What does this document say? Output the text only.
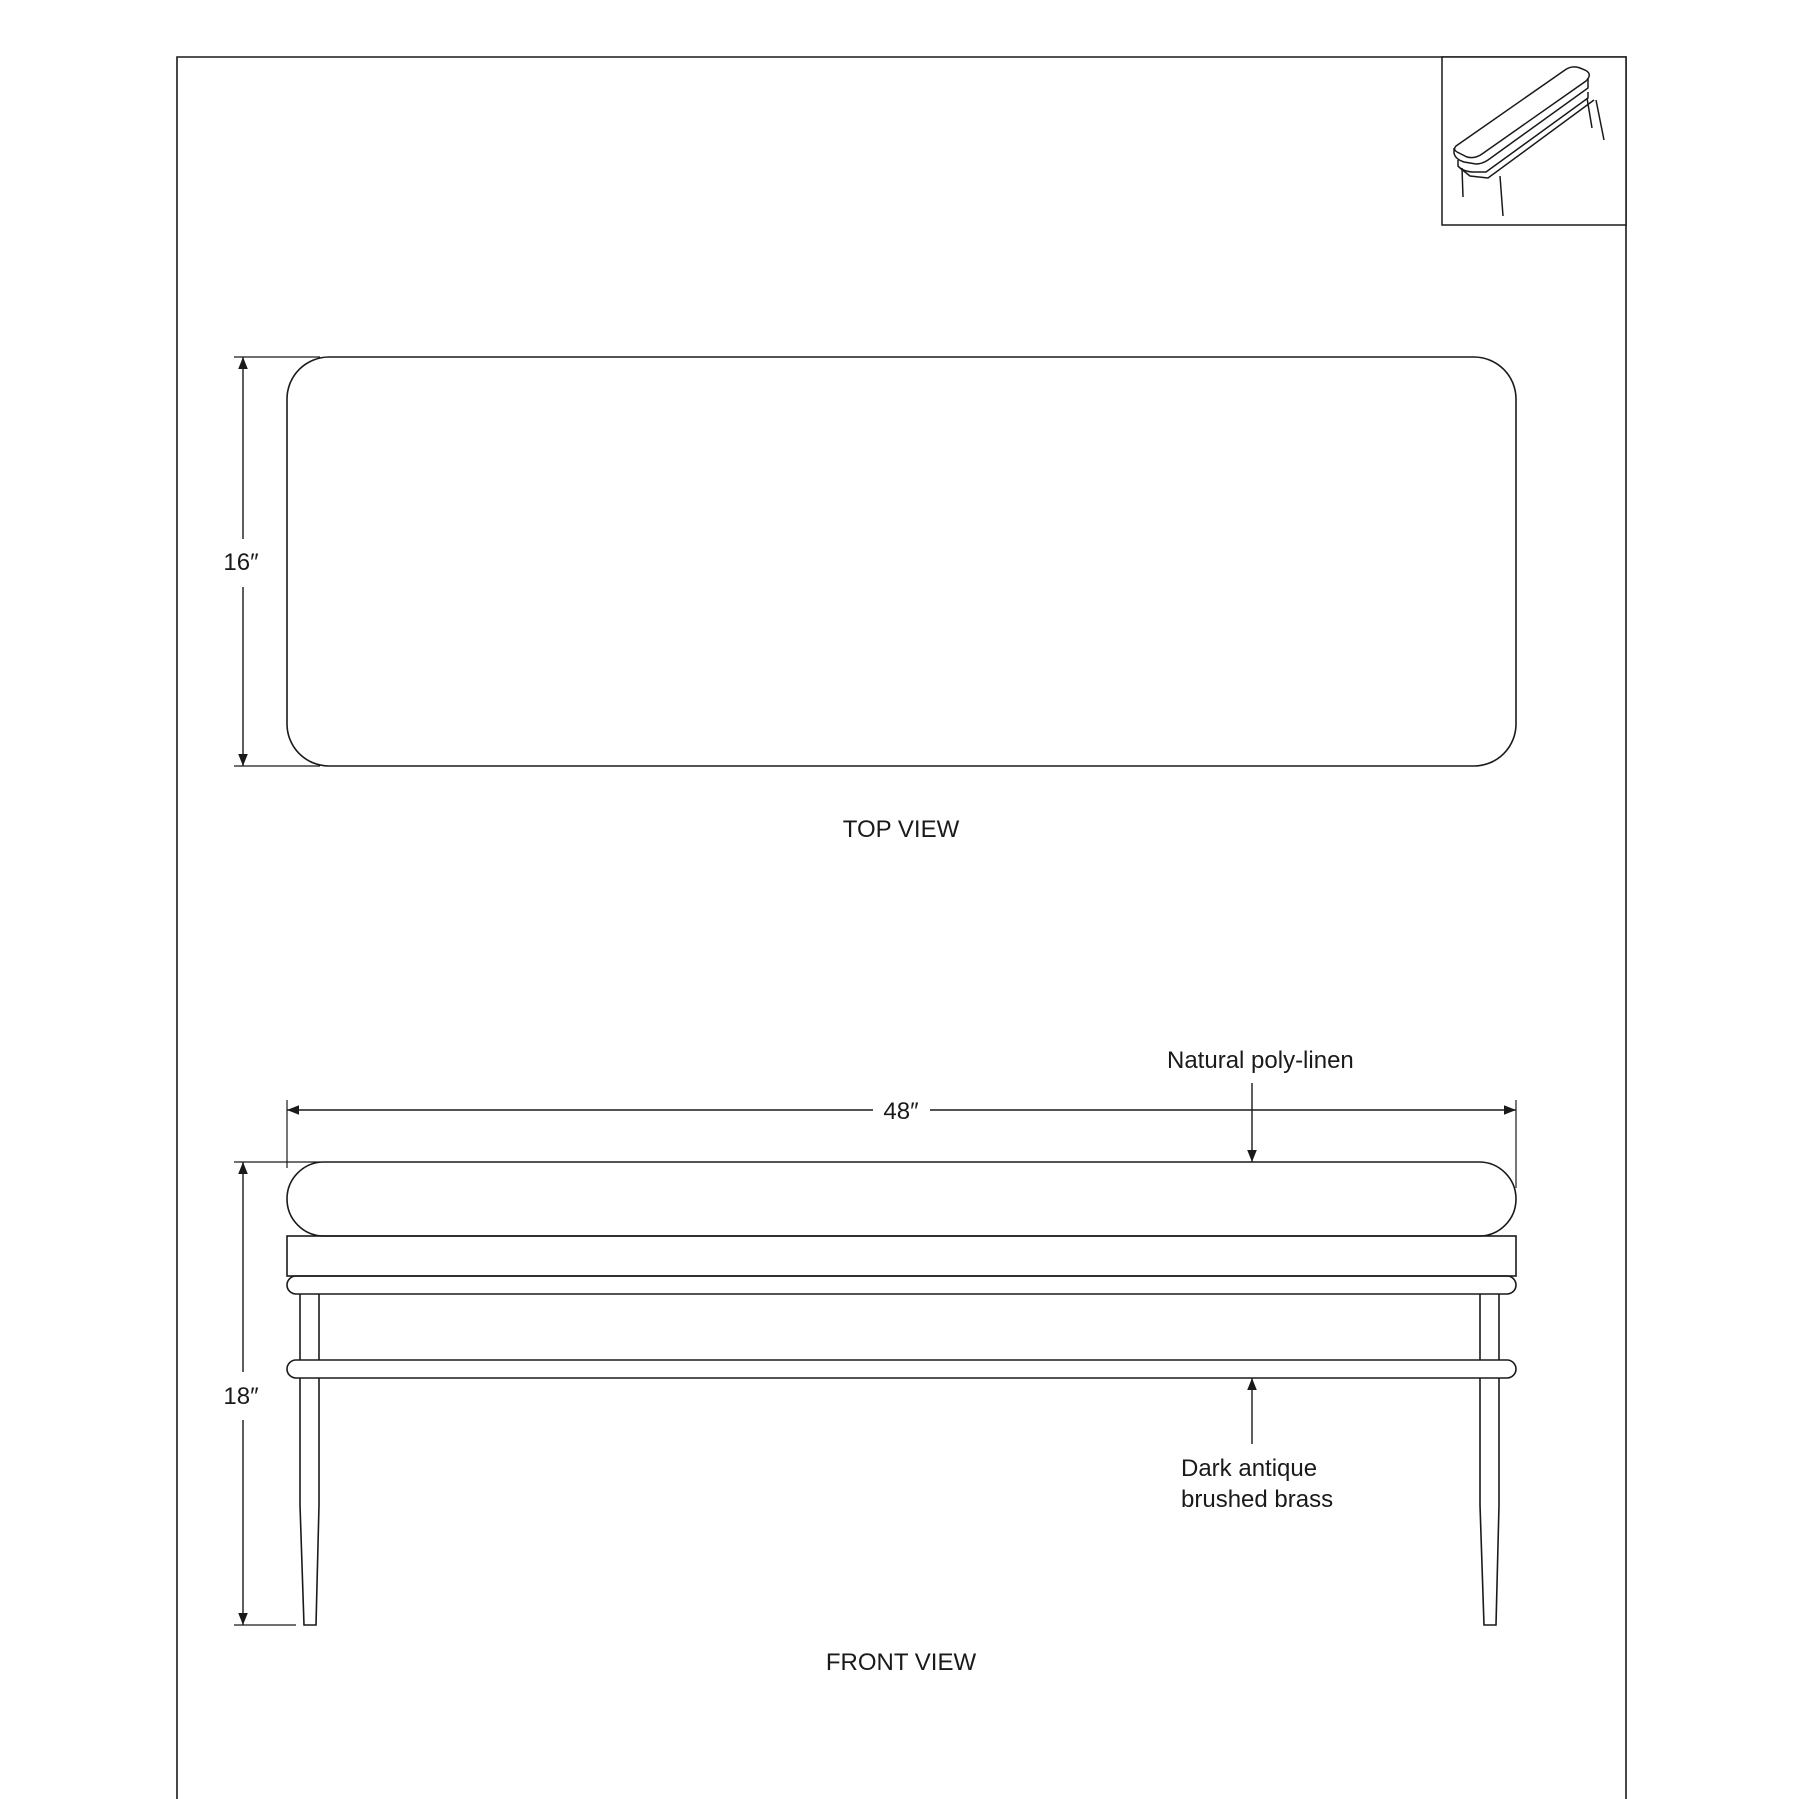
16″
TOP VIEW
48″
18″
Natural poly-linen
Dark antique
brushed brass
FRONT VIEW
